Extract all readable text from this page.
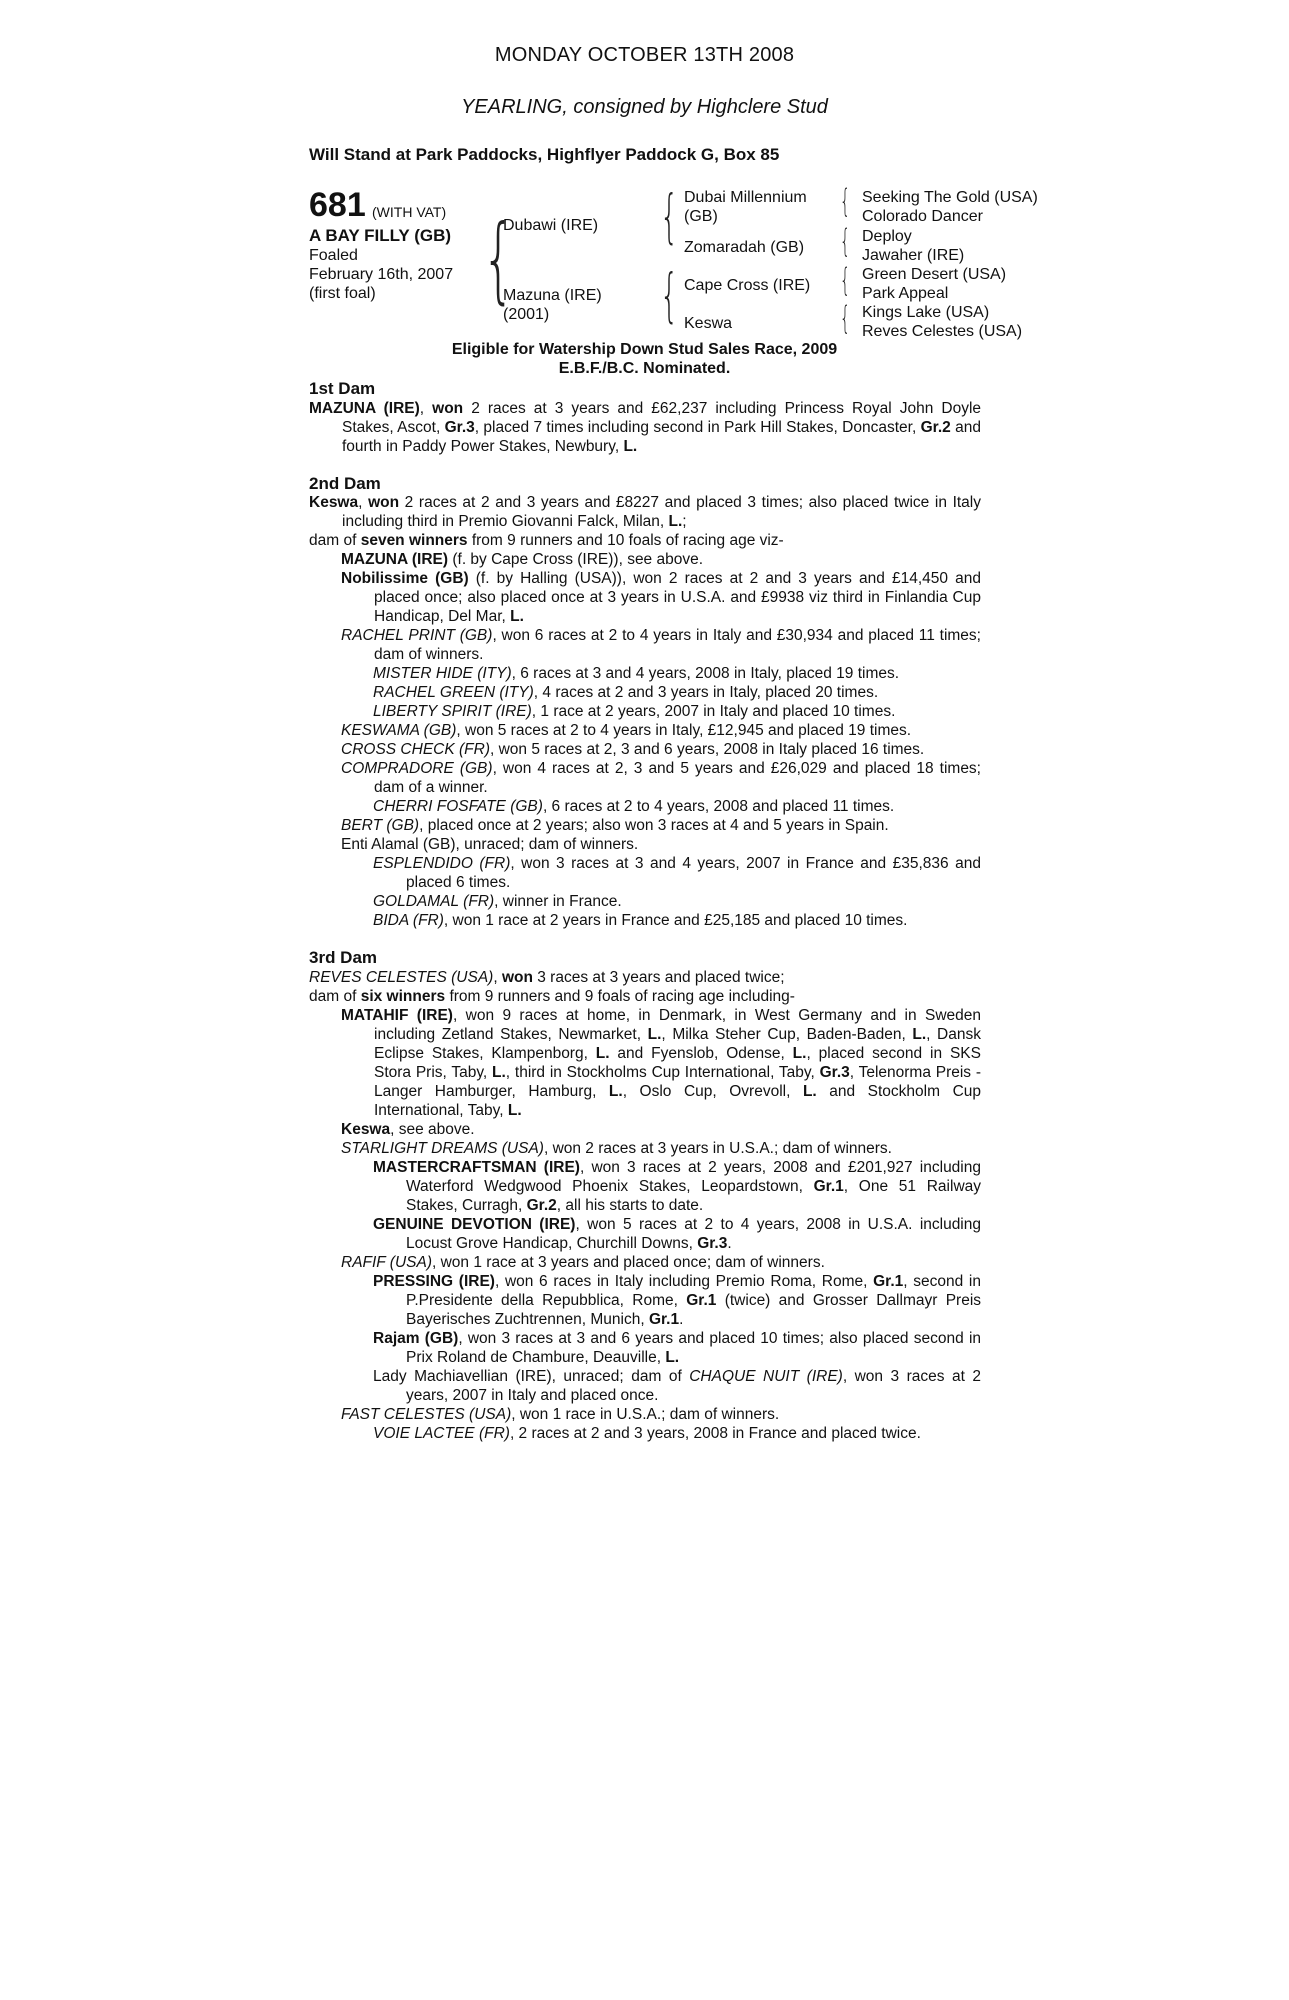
MONDAY OCTOBER 13TH 2008
YEARLING, consigned by Highclere Stud
Will Stand at Park Paddocks, Highflyer Paddock G, Box 85
681 (WITH VAT)
A BAY FILLY (GB)
Foaled
February 16th, 2007
(first foal) {	{
{
{
{
{
{
Dubawi (IRE)
Mazuna (IRE)
(2001)
Dubai Millennium
(GB)
Zomaradah (GB)
Cape Cross (IRE)
Keswa
Seeking The Gold (USA)
Colorado Dancer
Deploy
Jawaher (IRE)
Green Desert (USA)
Park Appeal
Kings Lake (USA)
Reves Celestes (USA)
Eligible for Watership Down Stud Sales Race, 2009
E.B.F./B.C. Nominated.
1st Dam

MAZUNA (IRE), won 2 races at 3 years and £62,237 including Princess Royal John Doyle Stakes, Ascot, Gr.3, placed 7 times including second in Park Hill Stakes, Doncaster, Gr.2 and fourth in Paddy Power Stakes, Newbury, L.

2nd Dam

Keswa, won 2 races at 2 and 3 years and £8227 and placed 3 times; also placed twice in Italy including third in Premio Giovanni Falck, Milan, L.;

dam of seven winners from 9 runners and 10 foals of racing age viz-

MAZUNA (IRE) (f. by Cape Cross (IRE)), see above.

Nobilissime (GB) (f. by Halling (USA)), won 2 races at 2 and 3 years and £14,450 and placed once; also placed once at 3 years in U.S.A. and £9938 viz third in Finlandia Cup Handicap, Del Mar, L.

RACHEL PRINT (GB), won 6 races at 2 to 4 years in Italy and £30,934 and placed 11 times; dam of winners.

MISTER HIDE (ITY), 6 races at 3 and 4 years, 2008 in Italy, placed 19 times.

RACHEL GREEN (ITY), 4 races at 2 and 3 years in Italy, placed 20 times.

LIBERTY SPIRIT (IRE), 1 race at 2 years, 2007 in Italy and placed 10 times.

KESWAMA (GB), won 5 races at 2 to 4 years in Italy, £12,945 and placed 19 times.

CROSS CHECK (FR), won 5 races at 2, 3 and 6 years, 2008 in Italy placed 16 times.

COMPRADORE (GB), won 4 races at 2, 3 and 5 years and £26,029 and placed 18 times; dam of a winner.

CHERRI FOSFATE (GB), 6 races at 2 to 4 years, 2008 and placed 11 times.

BERT (GB), placed once at 2 years; also won 3 races at 4 and 5 years in Spain.

Enti Alamal (GB), unraced; dam of winners.

ESPLENDIDO (FR), won 3 races at 3 and 4 years, 2007 in France and £35,836 and placed 6 times.

GOLDAMAL (FR), winner in France.

BIDA (FR), won 1 race at 2 years in France and £25,185 and placed 10 times.

3rd Dam

REVES CELESTES (USA), won 3 races at 3 years and placed twice;

dam of six winners from 9 runners and 9 foals of racing age including-

MATAHIF (IRE), won 9 races at home, in Denmark, in West Germany and in Sweden including Zetland Stakes, Newmarket, L., Milka Steher Cup, Baden-Baden, L., Dansk Eclipse Stakes, Klampenborg, L. and Fyenslob, Odense, L., placed second in SKS Stora Pris, Taby, L., third in Stockholms Cup International, Taby, Gr.3, Telenorma Preis - Langer Hamburger, Hamburg, L., Oslo Cup, Ovrevoll, L. and Stockholm Cup International, Taby, L.

Keswa, see above.

STARLIGHT DREAMS (USA), won 2 races at 3 years in U.S.A.; dam of winners.

MASTERCRAFTSMAN (IRE), won 3 races at 2 years, 2008 and £201,927 including Waterford Wedgwood Phoenix Stakes, Leopardstown, Gr.1, One 51 Railway Stakes, Curragh, Gr.2, all his starts to date.

GENUINE DEVOTION (IRE), won 5 races at 2 to 4 years, 2008 in U.S.A. including Locust Grove Handicap, Churchill Downs, Gr.3.

RAFIF (USA), won 1 race at 3 years and placed once; dam of winners.

PRESSING (IRE), won 6 races in Italy including Premio Roma, Rome, Gr.1, second in P.Presidente della Repubblica, Rome, Gr.1 (twice) and Grosser Dallmayr Preis Bayerisches Zuchtrennen, Munich, Gr.1.

Rajam (GB), won 3 races at 3 and 6 years and placed 10 times; also placed second in Prix Roland de Chambure, Deauville, L.

Lady Machiavellian (IRE), unraced; dam of CHAQUE NUIT (IRE), won 3 races at 2 years, 2007 in Italy and placed once.

FAST CELESTES (USA), won 1 race in U.S.A.; dam of winners.

VOIE LACTEE (FR), 2 races at 2 and 3 years, 2008 in France and placed twice.
